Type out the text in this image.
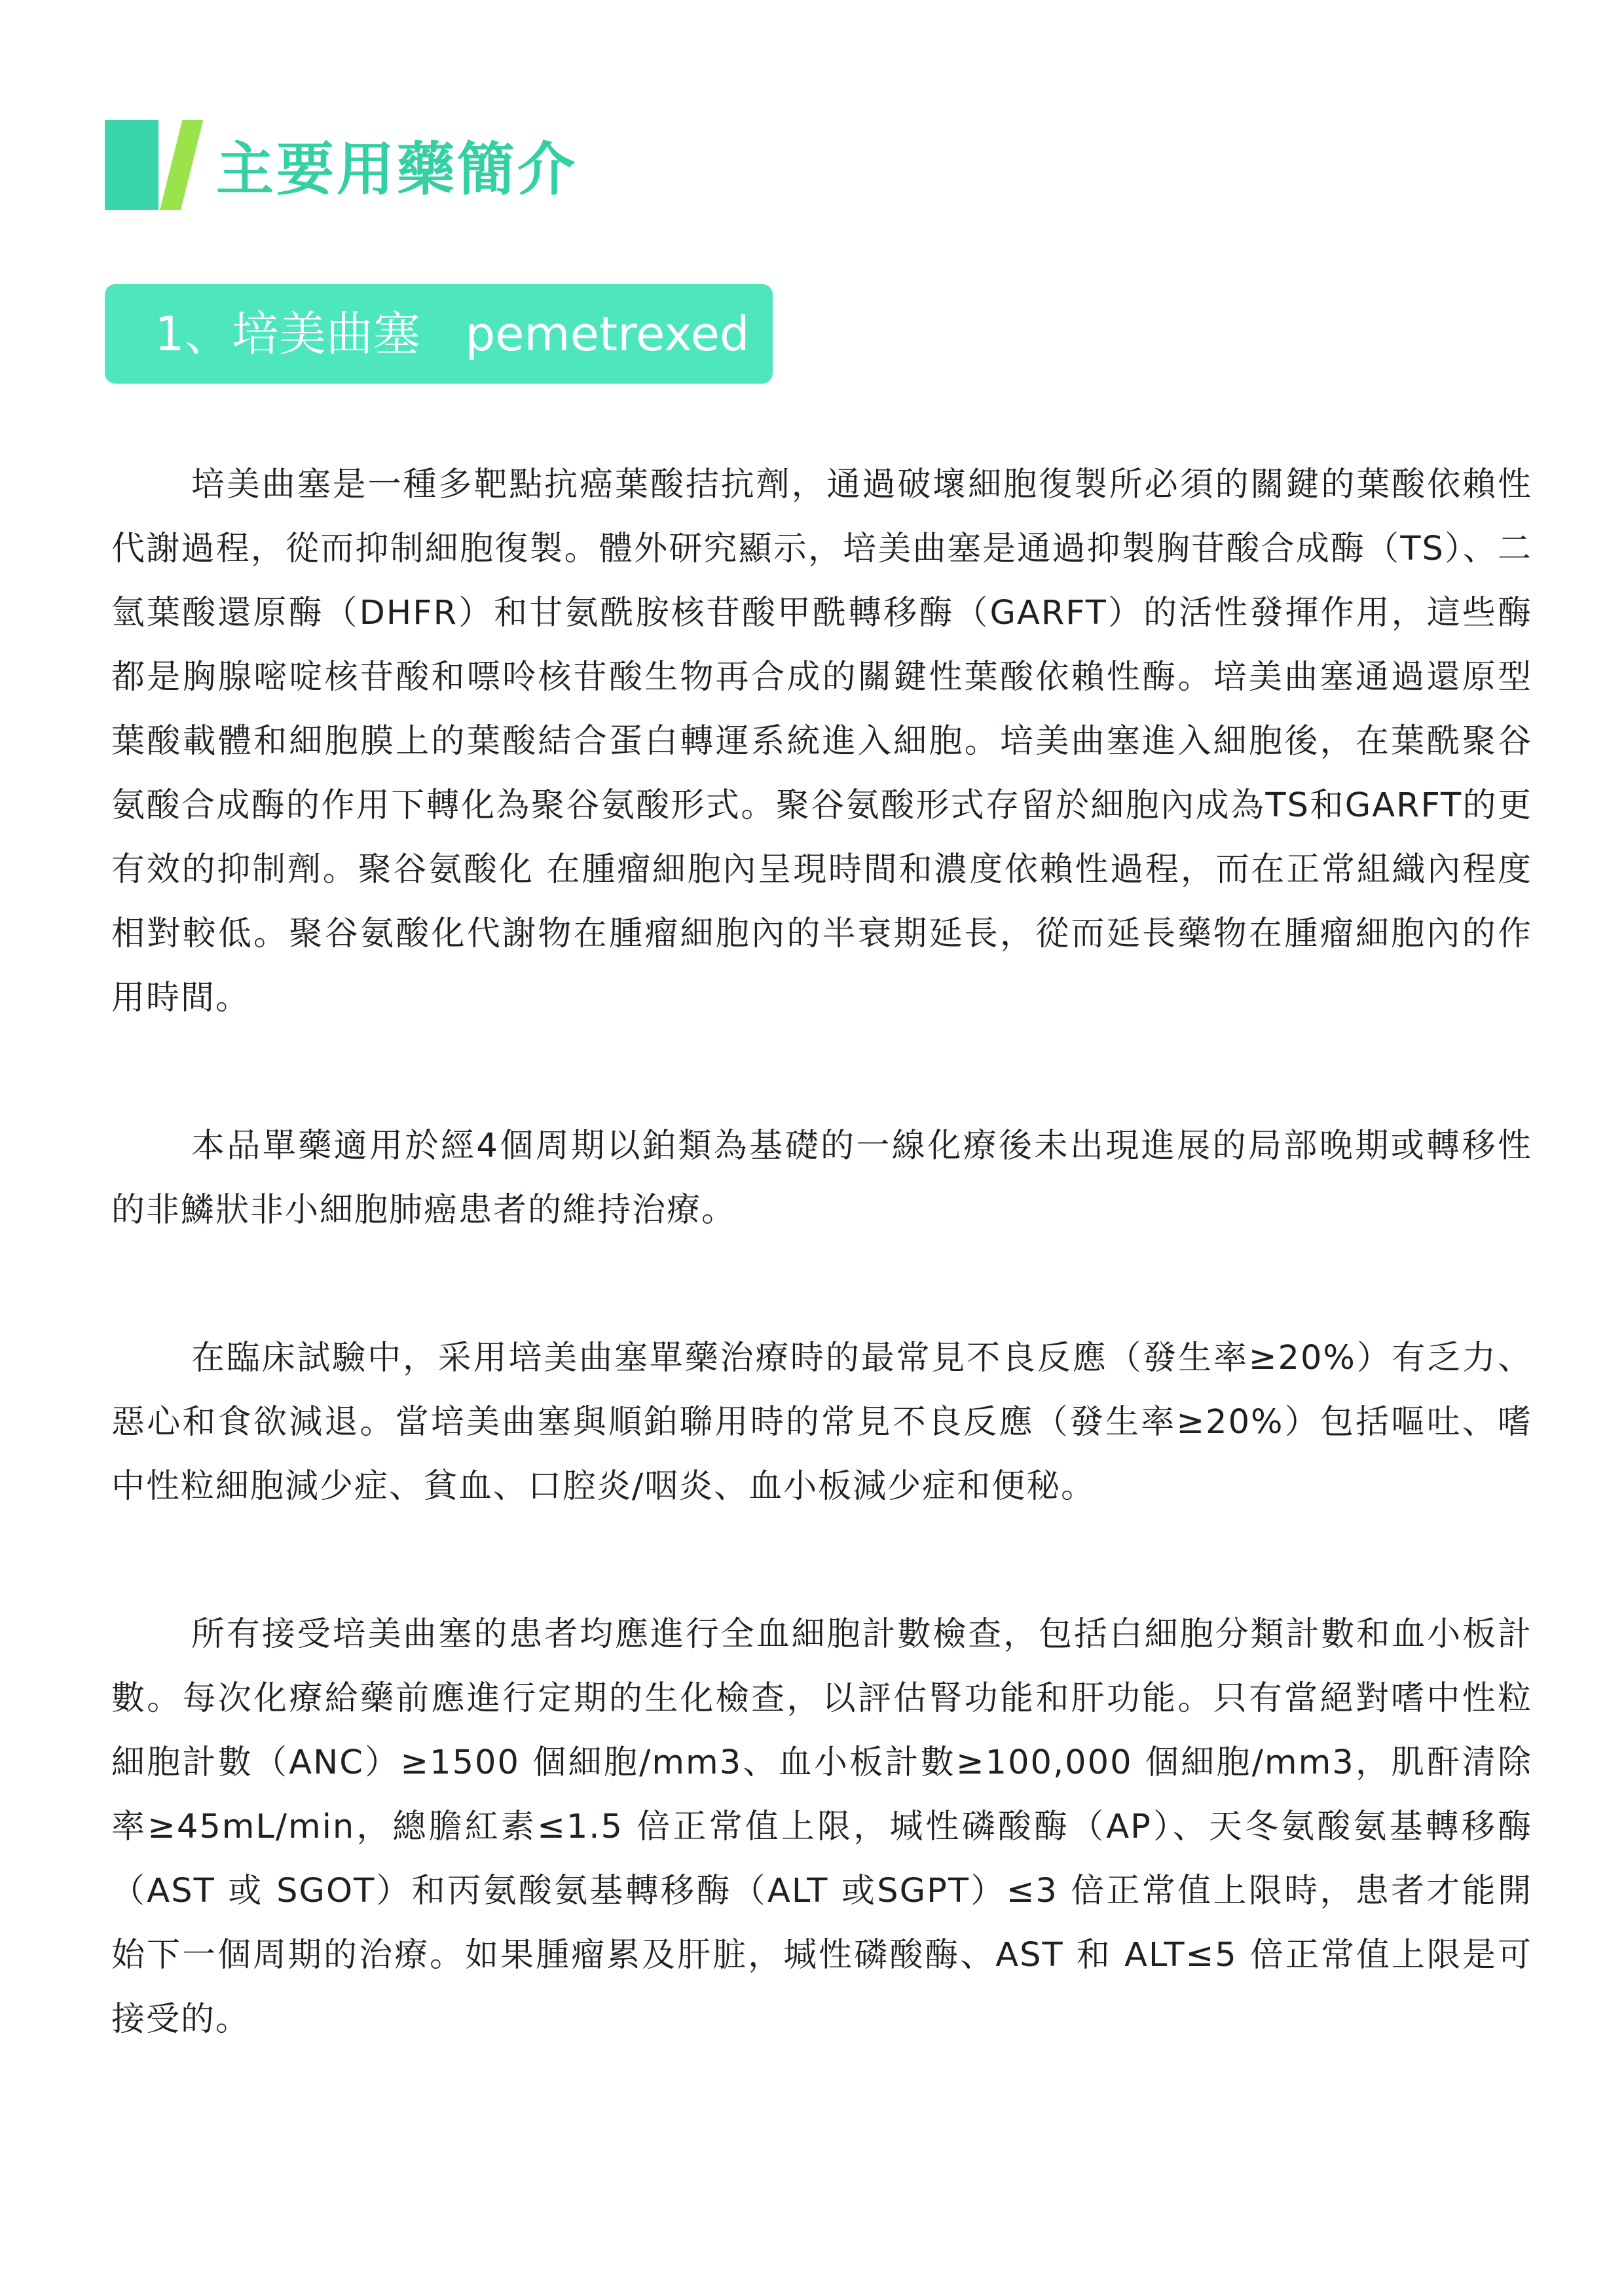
主要用藥簡介
1、培美曲塞   pemetrexed

培美曲塞是一種多靶點抗癌葉酸拮抗劑，通過破壞細胞復製所必須的關鍵的葉酸依賴性代謝過程，從而抑制細胞復製。體外研究顯示，培美曲塞是通過抑製胸苷酸合成酶（TS）、二氫葉酸還原酶（DHFR）和甘氨酰胺核苷酸甲酰轉移酶（GARFT）的活性發揮作用，這些酶都是胸腺嘧啶核苷酸和嘌呤核苷酸生物再合成的關鍵性葉酸依賴性酶。培美曲塞通過還原型葉酸載體和細胞膜上的葉酸結合蛋白轉運系統進入細胞。培美曲塞進入細胞後，在葉酰聚谷氨酸合成酶的作用下轉化為聚谷氨酸形式。聚谷氨酸形式存留於細胞內成為TS和GARFT的更有效的抑制劑。聚谷氨酸化 在腫瘤細胞內呈現時間和濃度依賴性過程，而在正常組織內程度相對較低。聚谷氨酸化代謝物在腫瘤細胞內的半衰期延長，從而延長藥物在腫瘤細胞內的作用時間。

本品單藥適用於經4個周期以鉑類為基礎的一線化療後未出現進展的局部晚期或轉移性的非鱗狀非小細胞肺癌患者的維持治療。

在臨床試驗中，采用培美曲塞單藥治療時的最常見不良反應（發生率≥20%）有乏力、惡心和食欲減退。當培美曲塞與順鉑聯用時的常見不良反應（發生率≥20%）包括嘔吐、嗜中性粒細胞減少症、貧血、口腔炎/咽炎、血小板減少症和便秘。

所有接受培美曲塞的患者均應進行全血細胞計數檢查，包括白細胞分類計數和血小板計數。每次化療給藥前應進行定期的生化檢查，以評估腎功能和肝功能。只有當絕對嗜中性粒細胞計數（ANC）≥1500 個細胞/mm3、血小板計數≥100,000 個細胞/mm3，肌酐清除率≥45mL/min，總膽紅素≤1.5 倍正常值上限，堿性磷酸酶（AP）、天冬氨酸氨基轉移酶（AST 或 SGOT）和丙氨酸氨基轉移酶（ALT 或SGPT）≤3 倍正常值上限時，患者才能開始下一個周期的治療。如果腫瘤累及肝脏，堿性磷酸酶、AST 和 ALT≤5 倍正常值上限是可接受的。
